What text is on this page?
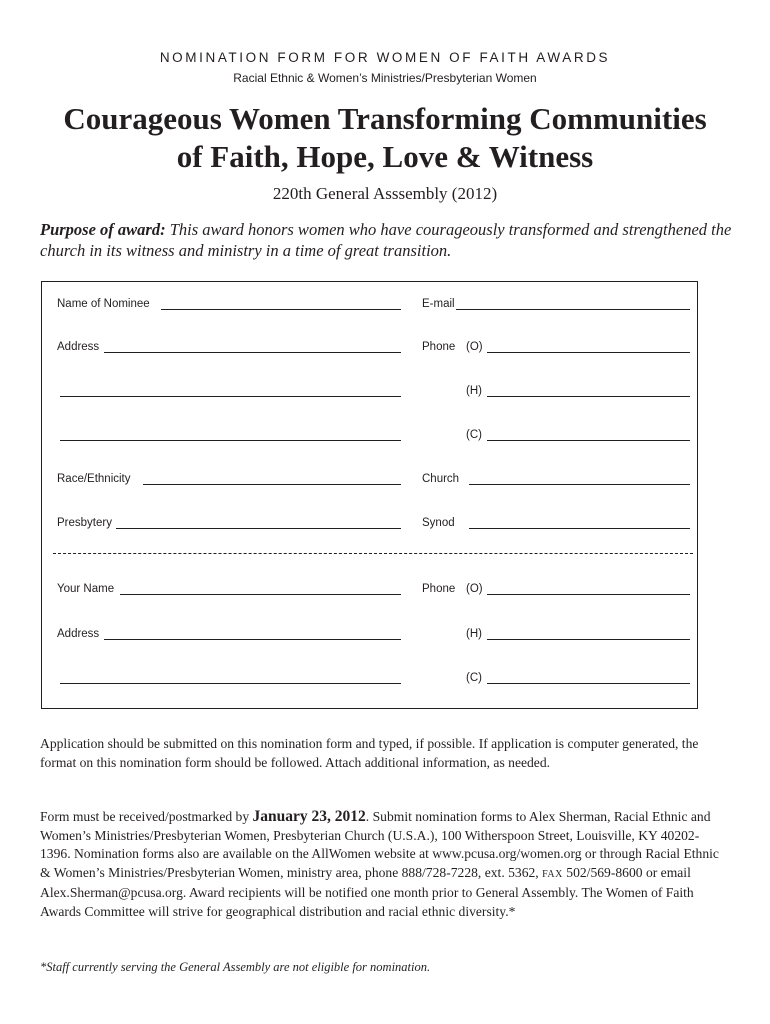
NOMINATION FORM FOR WOMEN OF FAITH AWARDS
Racial Ethnic & Women’s Ministries/Presbyterian Women
Courageous Women Transforming Communities
of Faith, Hope, Love & Witness
220th General Asssembly (2012)
Purpose of award: This award honors women who have courageously transformed and strengthened the church in its witness and ministry in a time of great transition.
Name of Nominee	E-mail
Address	Phone (O)
(H)
(C)
Race/Ethnicity	Church
Presbytery	Synod
Your Name	Phone (O)
Address	(H)
(C)
Application should be submitted on this nomination form and typed, if possible. If application is computer generated, the format on this nomination form should be followed. Attach additional information, as needed.
Form must be received/postmarked by January 23, 2012. Submit nomination forms to Alex Sherman, Racial Ethnic and Women’s Ministries/Presbyterian Women, Presbyterian Church (U.S.A.), 100 Witherspoon Street, Louisville, KY 40202-1396. Nomination forms also are available on the AllWomen website at www.pcusa.org/women.org or through Racial Ethnic & Women’s Ministries/Presbyterian Women, ministry area, phone 888/728-7228, ext. 5362, FAX 502/569-8600 or email Alex.Sherman@pcusa.org. Award recipients will be notified one month prior to General Assembly. The Women of Faith Awards Committee will strive for geographical distribution and racial ethnic diversity.*
*Staff currently serving the General Assembly are not eligible for nomination.
